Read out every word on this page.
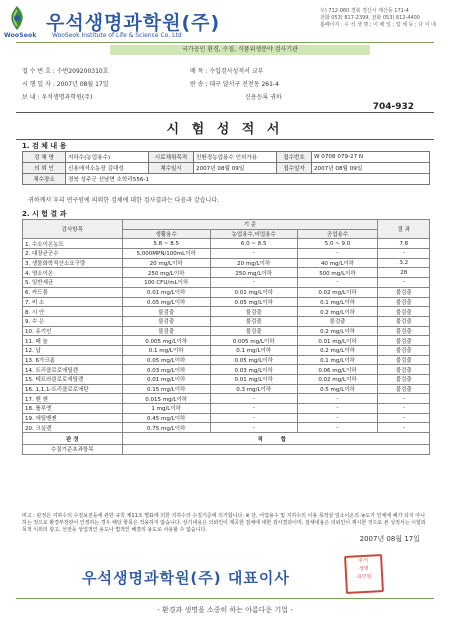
WooSeok
우석생명과학원(주)
WooSeok Institute of Life & Science Co, Ltd
우) 712-080 경북 경산시 계산동 171-4
전화 053) 817-2399, 전화 053) 812-4400
홈페이지 : 우 석 생 명 ; 이 메 일 ; 업 체 등 ; 다 이 네
국가공인 환경, 수질, 식품위생분야 검사기관
접 수 번 호 : 수번209200310호
시 행 일 자 : 2007년 08월 17일
보 내 : 우석생명과학원(주)
배 목 : 수입검사성적서 교부
받 송 : 대구 달서구 진천동 261-4
신용등록 귀하
704-932
시 험 성 적 서
1. 검 체 내 용
검 체 명	지하수(농업용수)	시료채취목적	친환경농업용수 인허가용	접수번호	W 0708 079-27 N
의 뢰 인	신용에셔소농장 김대성	채수일시	2007년 08월 09일	접수일자	2007년 08월 09일
채수장소	경북 성주군 선남면 소학리556-1				
귀하께서 우리 연구원에 의뢰한 검체에 대한 검사결과는 다음과 같습니다.
2. 시 험 결 과
검사항목	기 준			결 과
	생활용수	농업용수,어업용수	공업용수	
1. 수소이온농도	5.8 ~ 8.5	6.0 ~ 8.5	5.0 ~ 9.0	7.8
2. 대장균군수	5,000MPN/100mL이하	-	-	-
3. 생물화학적산소요구량	20 mg/L이하	20 mg/L이하	40 mg/L이하	3.2
4. 염소이온	250 mg/L이하	250 mg/L이하	500 mg/L이하	28
5. 일반세균	100 CFU/mL이하	-	-	-
6. 카드뮴	0.01 mg/L이하	0.01 mg/L이하	0.02 mg/L이하	불검출
7. 비 소	0.05 mg/L이하	0.05 mg/L이하	0.1 mg/L이하	불검출
8. 시 안	불검출	불검출	0.2 mg/L이하	불검출
9. 수 은	불검출	불검출	불검출	불검출
10. 유기인	불검출	불검출	0.2 mg/L이하	불검출
11. 페 놀	0.005 mg/L이하	0.005 mg/L이하	0.01 mg/L이하	불검출
12. 납	0.1 mg/L이하	0.1 mg/L이하	0.2 mg/L이하	불검출
13. 6가크롬	0.05 mg/L이하	0.05 mg/L이하	0.1 mg/L이하	불검출
14. 트리클로로에틸렌	0.03 mg/L이하	0.03 mg/L이하	0.06 mg/L이하	불검출
15. 테트라클로로에틸렌	0.01 mg/L이하	0.01 mg/L이하	0.02 mg/L이하	불검출
16. 1,1,1-트리클로로에탄	0.15 mg/L이하	0.3 mg/L이하	0.5 mg/L이하	불검출
17. 벤 젠	0.015 mg/L이하	-	-	-
18. 톨루엔	1 mg/L이하	-	-	-
19. 에틸벤젠	0.45 mg/L이하	-	-	-
20. 크실렌	0.75 mg/L이하	-	-	-
판 정	적 합			
수질기준초과항목				
비고 : 판정은 지하수의 수질보전등에 관한 규칙 제11조 별표에 의한 지하수의 수질기준에 의거합니다. ※ 단, 어업용수 및 지하수의 이용 목적상 일소이온의 농도가 인체에 해가 되지 아니하는 것으로 환경부장관이 인정하는 경우 해당 항목은 적용하지 않습니다. 상기내용은 의뢰인이 제공한 검체에 대한 검사결과이며, 검체내용은 의뢰인이 제시한 것으로 본 성적서는 시험외목적 이외의 광고, 선전등 상업적인 용도나 법적인 해결의 용도로 사용할 수 없습니다.
2007년 08월 17일
우석생명과학원(주) 대표이사
우석
생명
과학원
- 환경과 생명을 소중히 하는 아름다운 기업 -
